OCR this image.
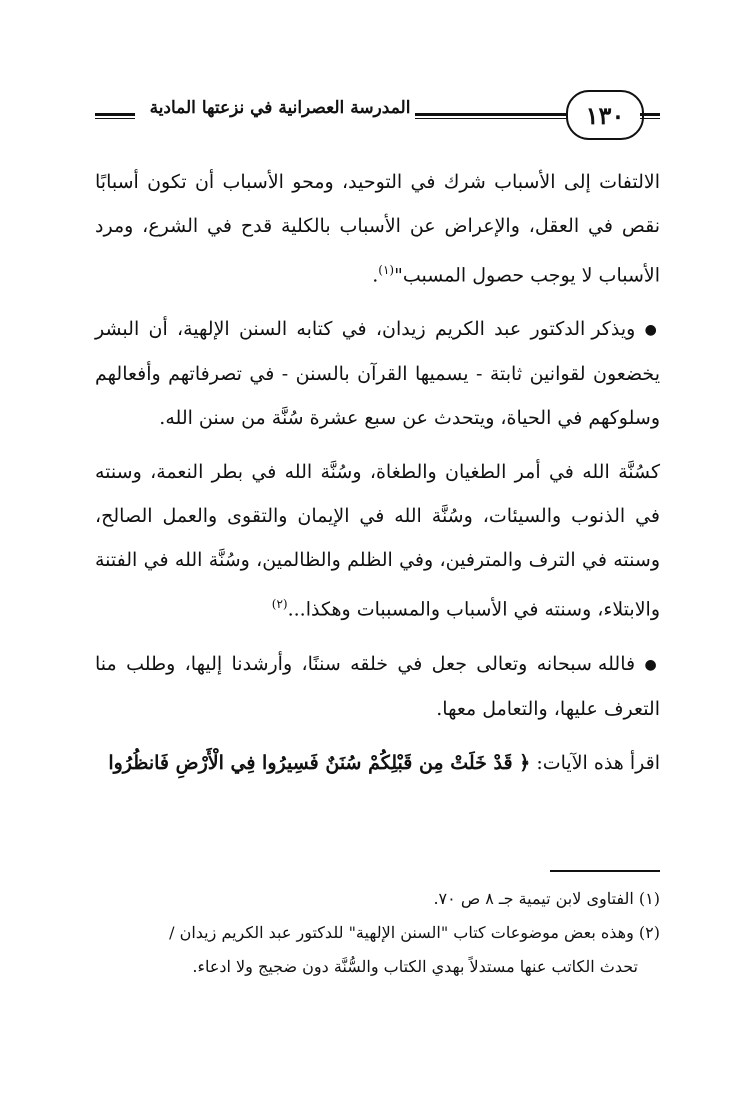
المدرسة العصرانية في نزعتها المادية	١٣٠

الالتفات إلى الأسباب شرك في التوحيد، ومحو الأسباب أن تكون أسبابًا نقص في العقل، والإعراض عن الأسباب بالكلية قدح في الشرع، ومرد الأسباب لا يوجب حصول المسبب"$^{(١)}$.

● ويذكر الدكتور عبد الكريم زيدان، في كتابه السنن الإلهية، أن البشر يخضعون لقوانين ثابتة - يسميها القرآن بالسنن - في تصرفاتهم وأفعالهم وسلوكهم في الحياة، ويتحدث عن سبع عشرة سُنَّة من سنن الله.

كسُنَّة الله في أمر الطغيان والطغاة، وسُنَّة الله في بطر النعمة، وسنته في الذنوب والسيئات، وسُنَّة الله في الإيمان والتقوى والعمل الصالح، وسنته في الترف والمترفين، وفي الظلم والظالمين، وسُنَّة الله في الفتنة والابتلاء، وسنته في الأسباب والمسببات وهكذا...$^{(٢)}$

● فالله سبحانه وتعالى جعل في خلقه سننًا، وأرشدنا إليها، وطلب منا التعرف عليها، والتعامل معها.

اقرأ هذه الآيات: ﴿ قَدْ خَلَتْ مِن قَبْلِكُمْ سُنَنٌ فَسِيرُوا فِي الْأَرْضِ فَانظُرُوا

(١) الفتاوى لابن تيمية جـ ٨ ص ٧٠.

(٢) وهذه بعض موضوعات كتاب "السنن الإلهية" للدكتور عبد الكريم زيدان /

تحدث الكاتب عنها مستدلاً بهدي الكتاب والسُّنَّة دون ضجيج ولا ادعاء.
